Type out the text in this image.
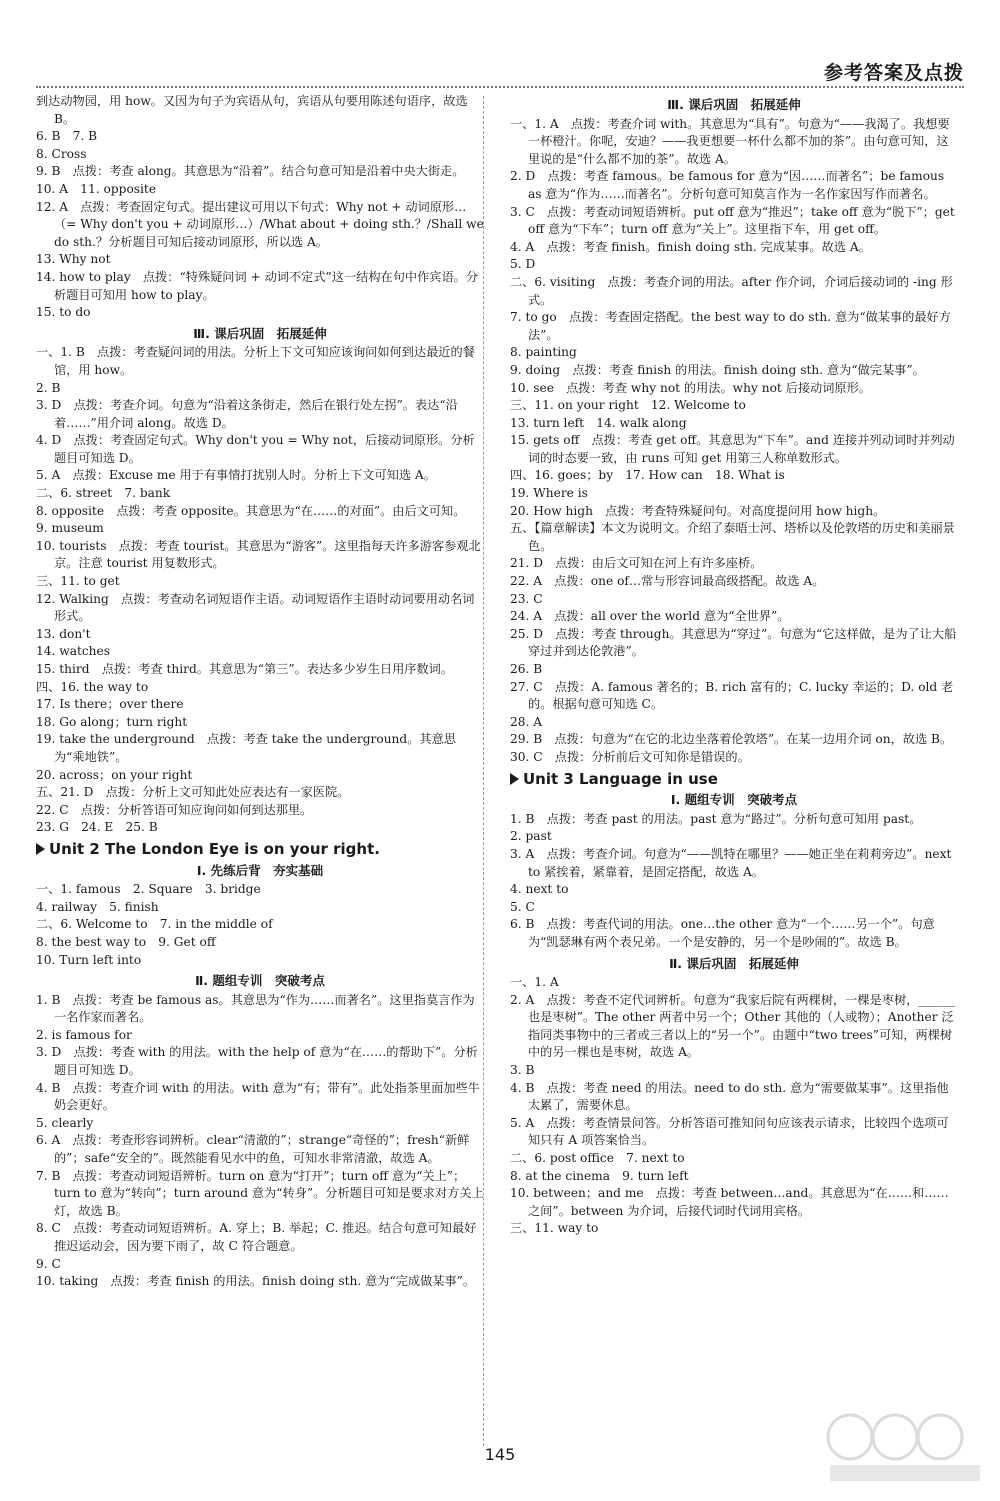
参考答案及点拨
到达动物园，用 how。又因为句子为宾语从句，宾语从句要用陈述句语序，故选 B。
6. B　7. B
8. Cross
9. B　点拨：考查 along。其意思为“沿着”。结合句意可知是沿着中央大街走。
10. A　11. opposite
12. A　点拨：考查固定句式。提出建议可用以下句式：Why not + 动词原形…（= Why don't you + 动词原形…）/What about + doing sth.？/Shall we do sth.？分析题目可知后接动词原形，所以选 A。
13. Why not
14. how to play　点拨：“特殊疑问词 + 动词不定式”这一结构在句中作宾语。分析题目可知用 how to play。
15. to do
Ⅲ. 课后巩固　拓展延伸
一、1. B　点拨：考查疑问词的用法。分析上下文可知应该询问如何到达最近的餐馆，用 how。
2. B
3. D　点拨：考查介词。句意为“沿着这条街走，然后在银行处左拐”。表达“沿着……”用介词 along。故选 D。
4. D　点拨：考查固定句式。Why don't you = Why not，后接动词原形。分析题目可知选 D。
5. A　点拨：Excuse me 用于有事情打扰别人时。分析上下文可知选 A。
二、6. street　7. bank
8. opposite　点拨：考查 opposite。其意思为“在……的对面”。由后文可知。
9. museum
10. tourists　点拨：考查 tourist。其意思为“游客”。这里指每天许多游客参观北京。注意 tourist 用复数形式。
三、11. to get
12. Walking　点拨：考查动名词短语作主语。动词短语作主语时动词要用动名词形式。
13. don't
14. watches
15. third　点拨：考查 third。其意思为“第三”。表达多少岁生日用序数词。
四、16. the way to
17. Is there；over there
18. Go along；turn right
19. take the underground　点拨：考查 take the underground。其意思为“乘地铁”。
20. across；on your right
五、21. D　点拨：分析上文可知此处应表达有一家医院。
22. C　点拨：分析答语可知应询问如何到达那里。
23. G　24. E　25. B
Unit 2 The London Eye is on your right.
Ⅰ. 先练后背　夯实基础
一、1. famous　2. Square　3. bridge
4. railway　5. finish
二、6. Welcome to　7. in the middle of
8. the best way to　9. Get off
10. Turn left into
Ⅱ. 题组专训　突破考点
1. B　点拨：考查 be famous as。其意思为“作为……而著名”。这里指莫言作为一名作家而著名。
2. is famous for
3. D　点拨：考查 with 的用法。with the help of 意为“在……的帮助下”。分析题目可知选 D。
4. B　点拨：考查介词 with 的用法。with 意为“有；带有”。此处指茶里面加些牛奶会更好。
5. clearly
6. A　点拨：考查形容词辨析。clear“清澈的”；strange“奇怪的”；fresh“新鲜的”；safe“安全的”。既然能看见水中的鱼，可知水非常清澈，故选 A。
7. B　点拨：考查动词短语辨析。turn on 意为“打开”；turn off 意为“关上”；turn to 意为“转向”；turn around 意为“转身”。分析题目可知是要求对方关上灯，故选 B。
8. C　点拨：考查动词短语辨析。A. 穿上；B. 举起；C. 推迟。结合句意可知最好推迟运动会，因为要下雨了，故 C 符合题意。
9. C
10. taking　点拨：考查 finish 的用法。finish doing sth. 意为“完成做某事”。
Ⅲ. 课后巩固　拓展延伸
一、1. A　点拨：考查介词 with。其意思为“具有”。句意为“——我渴了。我想要一杯橙汁。你呢，安迪？——我更想要一杯什么都不加的茶”。由句意可知，这里说的是“什么都不加的茶”。故选 A。
2. D　点拨：考查 famous。be famous for 意为“因……而著名”；be famous as 意为“作为……而著名”。分析句意可知莫言作为一名作家因写作而著名。
3. C　点拨：考查动词短语辨析。put off 意为“推迟”；take off 意为“脱下”；get off 意为“下车”；turn off 意为“关上”。这里指下车，用 get off。
4. A　点拨：考查 finish。finish doing sth. 完成某事。故选 A。
5. D
二、6. visiting　点拨：考查介词的用法。after 作介词，介词后接动词的 -ing 形式。
7. to go　点拨：考查固定搭配。the best way to do sth. 意为“做某事的最好方法”。
8. painting
9. doing　点拨：考查 finish 的用法。finish doing sth. 意为“做完某事”。
10. see　点拨：考查 why not 的用法。why not 后接动词原形。
三、11. on your right　12. Welcome to
13. turn left　14. walk along
15. gets off　点拨：考查 get off。其意思为“下车”。and 连接并列动词时并列动词的时态要一致，由 runs 可知 get 用第三人称单数形式。
四、16. goes；by　17. How can　18. What is
19. Where is
20. How high　点拨：考查特殊疑问句。对高度提问用 how high。
五、【篇章解读】本文为说明文。介绍了泰晤士河、塔桥以及伦敦塔的历史和美丽景色。
21. D　点拨：由后文可知在河上有许多座桥。
22. A　点拨：one of…常与形容词最高级搭配。故选 A。
23. C
24. A　点拨：all over the world 意为“全世界”。
25. D　点拨：考查 through。其意思为“穿过”。句意为“它这样做，是为了让大船穿过并到达伦敦港”。
26. B
27. C　点拨：A. famous 著名的；B. rich 富有的；C. lucky 幸运的；D. old 老的。根据句意可知选 C。
28. A
29. B　点拨：句意为“在它的北边坐落着伦敦塔”。在某一边用介词 on，故选 B。
30. C　点拨：分析前后文可知你是错误的。
Unit 3 Language in use
Ⅰ. 题组专训　突破考点
1. B　点拨：考查 past 的用法。past 意为“路过”。分析句意可知用 past。
2. past
3. A　点拨：考查介词。句意为“——凯特在哪里？——她正坐在莉莉旁边”。next to 紧挨着，紧靠着，是固定搭配，故选 A。
4. next to
5. C
6. B　点拨：考查代词的用法。one…the other 意为“一个……另一个”。句意为“凯瑟琳有两个表兄弟。一个是安静的，另一个是吵闹的”。故选 B。
Ⅱ. 课后巩固　拓展延伸
一、1. A
2. A　点拨：考查不定代词辨析。句意为“我家后院有两棵树，一棵是枣树，______也是枣树”。The other 两者中另一个；Other 其他的（人或物）；Another 泛指同类事物中的三者或三者以上的“另一个”。由题中“two trees”可知，两棵树中的另一棵也是枣树，故选 A。
3. B
4. B　点拨：考查 need 的用法。need to do sth. 意为“需要做某事”。这里指他太累了，需要休息。
5. A　点拨：考查情景问答。分析答语可推知问句应该表示请求，比较四个选项可知只有 A 项答案恰当。
二、6. post office　7. next to
8. at the cinema　9. turn left
10. between；and me　点拨：考查 between…and。其意思为“在……和……之间”。between 为介词，后接代词时代词用宾格。
三、11. way to
145
